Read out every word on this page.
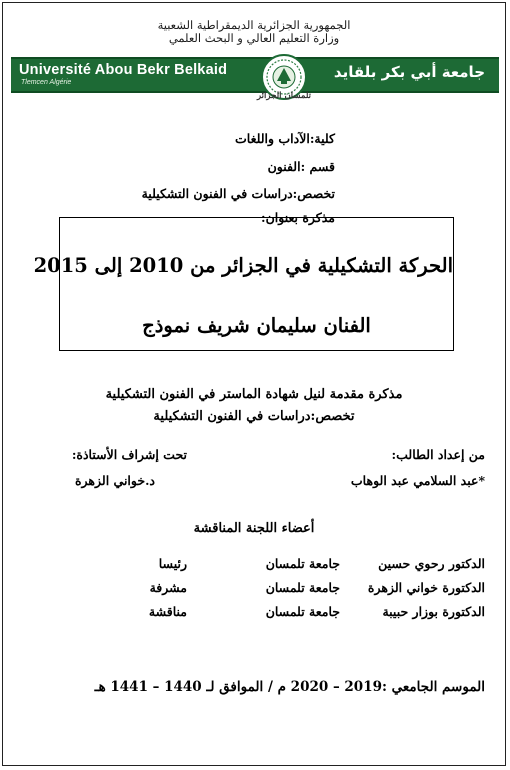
الجمهورية الجزائرية الديمقراطية الشعبية
وزارة التعليم العالي و البحث العلمي
Université Abou Bekr Belkaid
Tlemcen Algérie
جامعة أبي بكر بلقايد
تلمسان الجزائر
كلية:الآداب واللغات
قسم :الفنون
تخصص:دراسات في الفنون التشكيلية
مذكرة بعنوان:
الحركة التشكيلية في الجزائر من 2010 إلى 2015
الفنان سليمان شريف نموذج
مذكرة مقدمة لنيل شهادة الماستر في الفنون التشكيلية
تخصص:دراسات في الفنون التشكيلية
من إعداد الطالب:
تحت إشراف الأستاذة:
*عبد السلامي عبد الوهاب
د.خواني الزهرة
أعضاء اللجنة المناقشة
الدكتور رحوي حسين
جامعة تلمسان
رئيسا
الدكتورة خواني الزهرة
جامعة تلمسان
مشرفة
الدكتورة بوزار حبيبة
جامعة تلمسان
مناقشة
الموسم الجامعي :2019 – 2020 م / الموافق لـ 1440 – 1441 هـ
